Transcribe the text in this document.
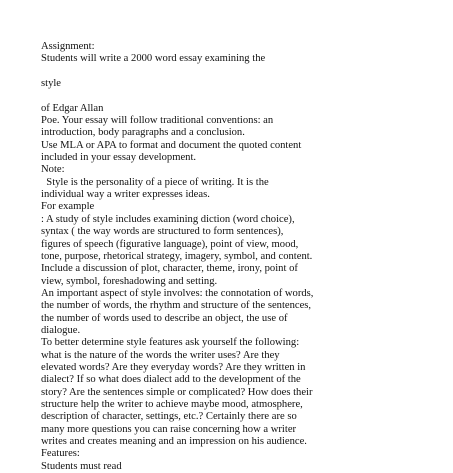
Assignment:
Students will write a 2000 word essay examining the
style
of Edgar Allan
Poe. Your essay will follow traditional conventions: an
introduction, body paragraphs and a conclusion.
Use MLA or APA to format and document the quoted content
included in your essay development.
Note:
Style is the personality of a piece of writing. It is the
individual way a writer expresses ideas.
For example
: A study of style includes examining diction (word choice),
syntax ( the way words are structured to form sentences),
figures of speech (figurative language), point of view, mood,
tone, purpose, rhetorical strategy, imagery, symbol, and content.
Include a discussion of plot, character, theme, irony, point of
view, symbol, foreshadowing and setting.
An important aspect of style involves: the connotation of words,
the number of words, the rhythm and structure of the sentences,
the number of words used to describe an object, the use of
dialogue.
To better determine style features ask yourself the following:
what is the nature of the words the writer uses? Are they
elevated words? Are they everyday words? Are they written in
dialect? If so what does dialect add to the development of the
story? Are the sentences simple or complicated? How does their
structure help the writer to achieve maybe mood, atmosphere,
description of character, settings, etc.? Certainly there are so
many more questions you can raise concerning how a writer
writes and creates meaning and an impression on his audience.
Features:
Students must read
